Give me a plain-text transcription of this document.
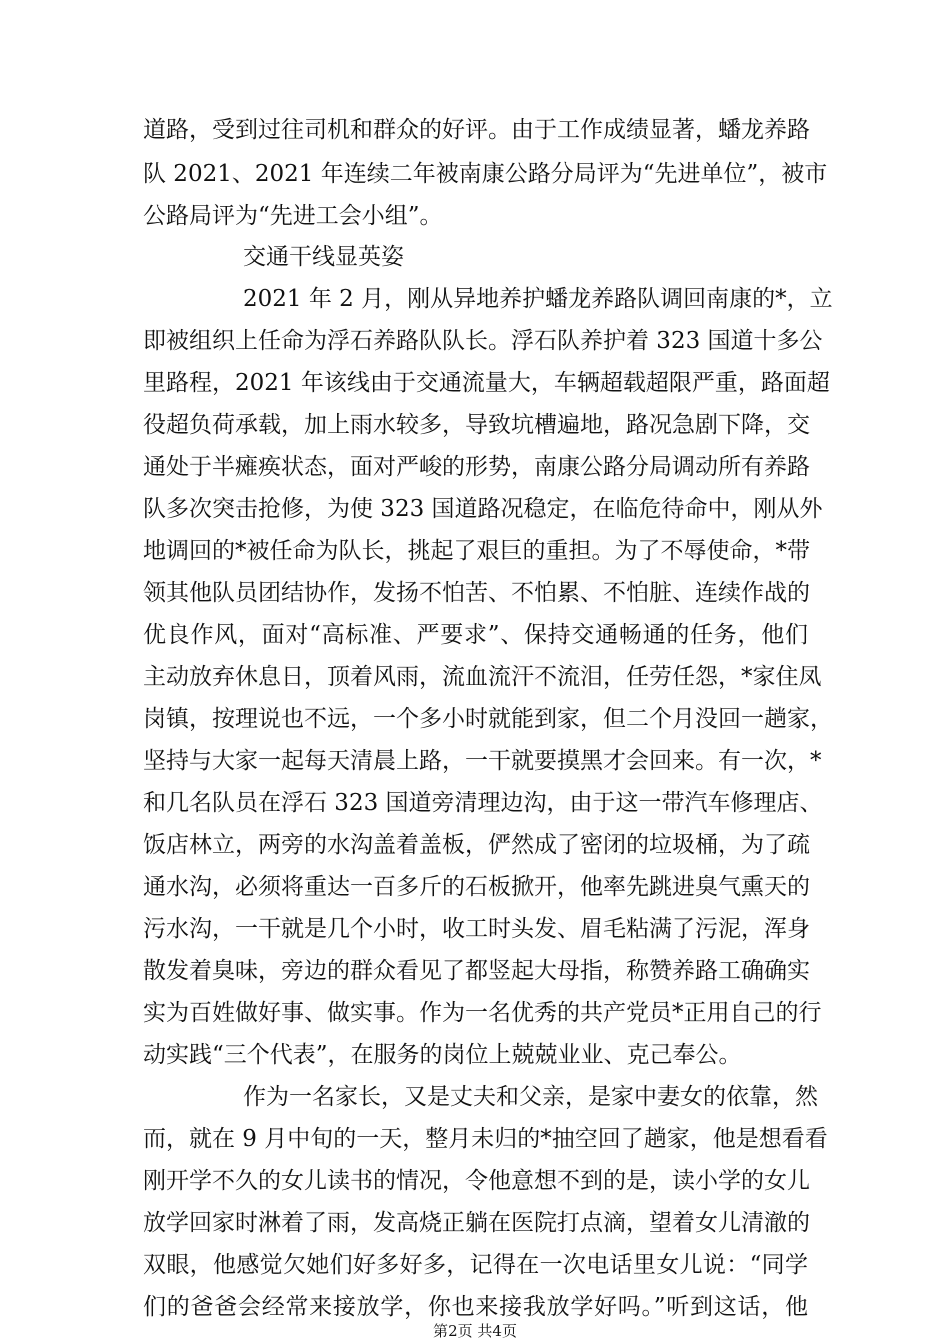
道路，受到过往司机和群众的好评。由于工作成绩显著，蟠龙养路
队 2021、2021 年连续二年被南康公路分局评为“先进单位”，被市
公路局评为“先进工会小组”。
交通干线显英姿
2021 年 2 月，刚从异地养护蟠龙养路队调回南康的*，立
即被组织上任命为浮石养路队队长。浮石队养护着 323 国道十多公
里路程，2021 年该线由于交通流量大，车辆超载超限严重，路面超
役超负荷承载，加上雨水较多，导致坑槽遍地，路况急剧下降，交
通处于半瘫痪状态，面对严峻的形势，南康公路分局调动所有养路
队多次突击抢修，为使 323 国道路况稳定，在临危待命中，刚从外
地调回的*被任命为队长，挑起了艰巨的重担。为了不辱使命，*带
领其他队员团结协作，发扬不怕苦、不怕累、不怕脏、连续作战的
优良作风，面对“高标准、严要求”、保持交通畅通的任务，他们
主动放弃休息日，顶着风雨，流血流汗不流泪，任劳任怨，*家住凤
岗镇，按理说也不远，一个多小时就能到家，但二个月没回一趟家，
坚持与大家一起每天清晨上路，一干就要摸黑才会回来。有一次，*
和几名队员在浮石 323 国道旁清理边沟，由于这一带汽车修理店、
饭店林立，两旁的水沟盖着盖板，俨然成了密闭的垃圾桶，为了疏
通水沟，必须将重达一百多斤的石板掀开，他率先跳进臭气熏天的
污水沟，一干就是几个小时，收工时头发、眉毛粘满了污泥，浑身
散发着臭味，旁边的群众看见了都竖起大母指，称赞养路工确确实
实为百姓做好事、做实事。作为一名优秀的共产党员*正用自己的行
动实践“三个代表”，在服务的岗位上兢兢业业、克己奉公。
作为一名家长，又是丈夫和父亲，是家中妻女的依靠，然
而，就在 9 月中旬的一天，整月未归的*抽空回了趟家，他是想看看
刚开学不久的女儿读书的情况，令他意想不到的是，读小学的女儿
放学回家时淋着了雨，发高烧正躺在医院打点滴，望着女儿清澈的
双眼，他感觉欠她们好多好多，记得在一次电话里女儿说：“同学
们的爸爸会经常来接放学，你也来接我放学好吗。”听到这话，他
第2页 共4页
